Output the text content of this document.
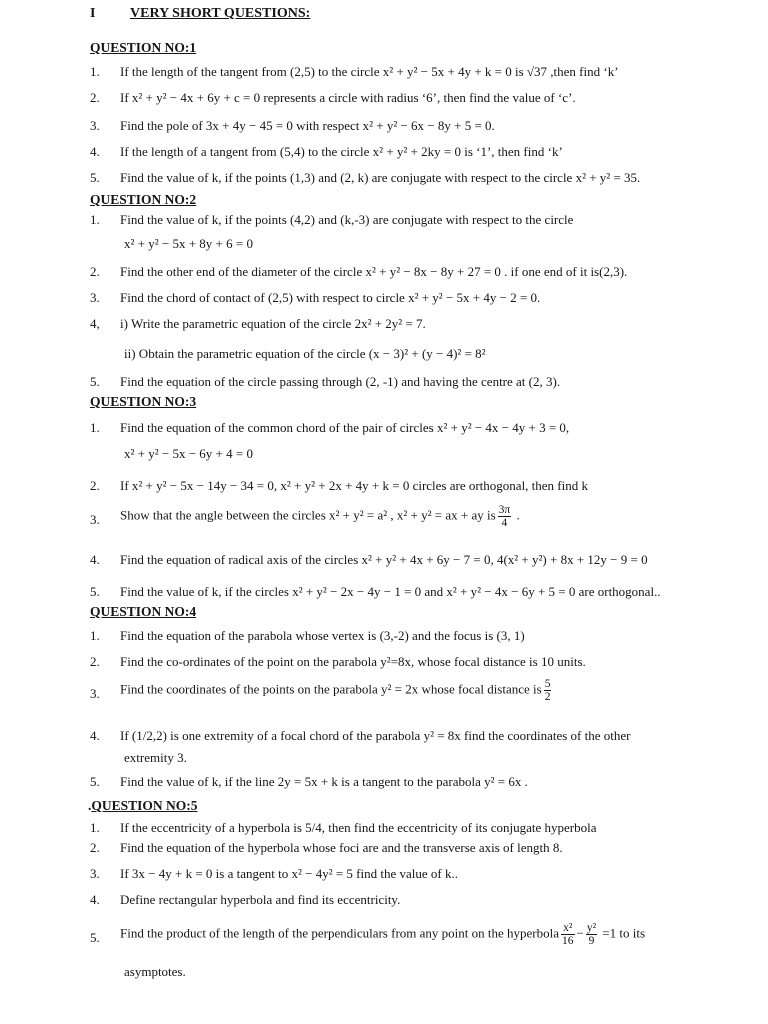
I VERY SHORT QUESTIONS:
QUESTION NO:1
1. If the length of the tangent from (2,5) to the circle x² + y² − 5x + 4y + k = 0 is √37 ,then find ‘k’
2. If x² + y² − 4x + 6y + c = 0 represents a circle with radius ‘6’, then find the value of ‘c’.
3. Find the pole of 3x + 4y − 45 = 0 with respect x² + y² − 6x − 8y + 5 = 0.
4. If the length of a tangent from (5,4) to the circle x² + y² + 2ky = 0 is ‘1’, then find ‘k’
5. Find the value of k, if the points (1,3) and (2, k) are conjugate with respect to the circle x² + y² = 35.
QUESTION NO:2
1. Find the value of k, if the points (4,2) and (k,-3) are conjugate with respect to the circle
x² + y² − 5x + 8y + 6 = 0
2. Find the other end of the diameter of the circle x² + y² − 8x − 8y + 27 = 0 . if one end of it is(2,3).
3. Find the chord of contact of (2,5) with respect to circle x² + y² − 5x + 4y − 2 = 0.
4, i) Write the parametric equation of the circle 2x² + 2y² = 7.
ii) Obtain the parametric equation of the circle (x − 3)² + (y − 4)² = 8²
5. Find the equation of the circle passing through (2, -1) and having the centre at (2, 3).
QUESTION NO:3
1. Find the equation of the common chord of the pair of circles x² + y² − 4x − 4y + 3 = 0,
x² + y² − 5x − 6y + 4 = 0
2. If x² + y² − 5x − 14y − 34 = 0, x² + y² + 2x + 4y + k = 0 circles are orthogonal, then find k
3. Show that the angle between the circles x² + y² = a² , x² + y² = ax + ay is $\frac{3\pi}{4}$ .
4. Find the equation of radical axis of the circles x² + y² + 4x + 6y − 7 = 0, 4(x² + y²) + 8x + 12y − 9 = 0
5. Find the value of k, if the circles x² + y² − 2x − 4y − 1 = 0 and x² + y² − 4x − 6y + 5 = 0 are orthogonal..
QUESTION NO:4
1. Find the equation of the parabola whose vertex is (3,-2) and the focus is (3, 1)
2. Find the co-ordinates of the point on the parabola y²=8x, whose focal distance is 10 units.
3. Find the coordinates of the points on the parabola y² = 2x whose focal distance is $\frac{5}{2}$
4. If (1/2,2) is one extremity of a focal chord of the parabola y² = 8x find the coordinates of the other
extremity 3.
5. Find the value of k, if the line 2y = 5x + k is a tangent to the parabola y² = 6x .
.QUESTION NO:5
1. If the eccentricity of a hyperbola is 5/4, then find the eccentricity of its conjugate hyperbola
2. Find the equation of the hyperbola whose foci are and the transverse axis of length 8.
3. If 3x − 4y + k = 0 is a tangent to x² − 4y² = 5 find the value of k..
4. Define rectangular hyperbola and find its eccentricity.
5. Find the product of the length of the perpendiculars from any point on the hyperbola $\frac{\text{x²}}{16} - \frac{\text{y²}}{9} =1$ to its
asymptotes.
